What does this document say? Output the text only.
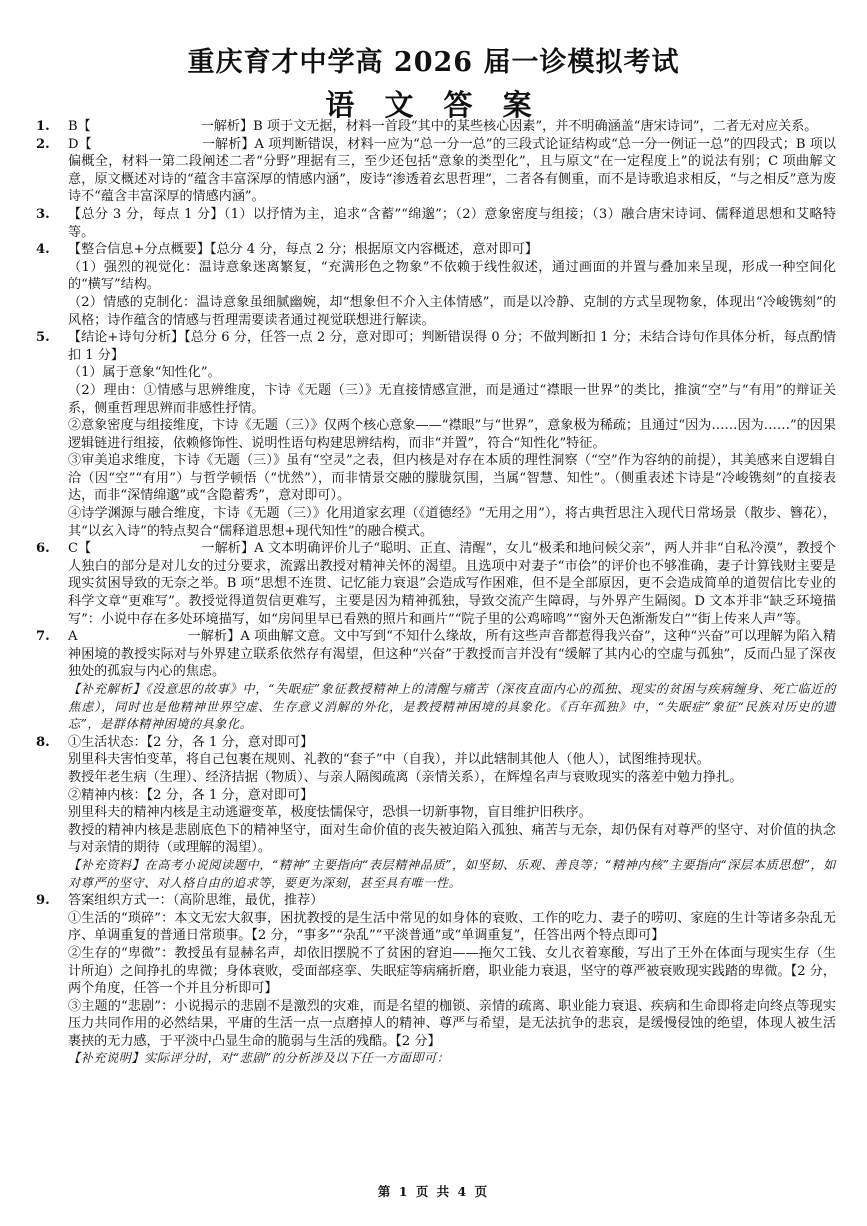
重庆育才中学高 2026 届一诊模拟考试
语 文 答 案
1. B【	一解析】B 项于文无据，材料一首段“其中的某些核心因素”，并不明确涵盖“唐宋诗词”，二者无对应关系。

2. D【	一解析】A 项判断错误，材料一应为“总一分一总”的三段式论证结构或“总一分一例证一总”的四段式；B 项以偏概全，材料一第二段阐述二者“分野”理据有三，至少还包括“意象的类型化”，且与原文“在一定程度上”的说法有别；C 项曲解文意，原文概述对诗的“蕴含丰富深厚的情感内涵”，废诗“渗透着玄思哲理”，二者各有侧重，而不是诗歌追求相反，“与之相反”意为废诗不“蕴含丰富深厚的情感内涵”。

3. 【总分 3 分，每点 1 分】（1）以抒情为主，追求“含蓄”“绵邈”；（2）意象密度与组接；（3）融合唐宋诗词、儒释道思想和艾略特等。

4. 【整合信息+分点概要】【总分 4 分，每点 2 分；根据原文内容概述，意对即可】

（1）强烈的视觉化：温诗意象迷离繁复，“充满形色之物象”不依赖于线性叙述，通过画面的并置与叠加来呈现，形成一种空间化的“横写”结构。

（2）情感的克制化：温诗意象虽细腻幽婉，却“想象但不介入主体情感”，而是以冷静、克制的方式呈现物象，体现出“冷峻镌刻”的风格；诗作蕴含的情感与哲理需要读者通过视觉联想进行解读。

5. 【结论+诗句分析】【总分 6 分，任答一点 2 分，意对即可；判断错误得 0 分；不做判断扣 1 分；未结合诗句作具体分析，每点酌情扣 1 分】

（1）属于意象“知性化”。

（2）理由：①情感与思辨维度，卞诗《无题（三）》无直接情感宣泄，而是通过“襟眼一世界”的类比，推演“空”与“有用”的辩证关系，侧重哲理思辨而非感性抒情。

②意象密度与组接维度，卞诗《无题（三）》仅两个核心意象——“襟眼”与“世界”，意象极为稀疏；且通过“因为……因为……”的因果逻辑链进行组接，依赖修饰性、说明性语句构建思辨结构，而非“并置”，符合“知性化”特征。

③审美追求维度，卞诗《无题（三）》虽有“空灵”之表，但内核是对存在本质的理性洞察（“空”作为容纳的前提），其美感来自逻辑自洽（因“空”“有用”）与哲学顿悟（“忧然”），而非情景交融的朦胧氛围，当属“智慧、知性”。（侧重表述卞诗是“冷峻镌刻”的直接表达，而非“深情绵邈”或“含隐蓄秀”，意对即可）。

④诗学渊源与融合维度，卞诗《无题（三）》化用道家玄理（《道德经》“无用之用”），将古典哲思注入现代日常场景（散步、簪花），其“以玄入诗”的特点契合“儒释道思想+现代知性”的融合模式。

6. C【	一解析】A 文本明确评价儿子“聪明、正直、清醒”，女儿“极柔和地问候父亲”，两人并非“自私冷漠”，教授个人独白的部分是对儿女的过分要求，流露出教授对精神关怀的渴望。且选项中对妻子“市侩”的评价也不够准确，妻子计算钱财主要是现实贫困导致的无奈之举。B 项“思想不连贯、记忆能力衰退”会造成写作困难，但不是全部原因，更不会造成简单的道贺信比专业的科学文章“更难写”。教授觉得道贺信更难写，主要是因为精神孤独，导致交流产生障碍，与外界产生隔阂。D 文本并非“缺乏环境描写”：小说中存在多处环境描写，如“房间里早已看熟的照片和画片”“院子里的公鸡啼鸣”“窗外天色渐渐发白”“街上传来人声”等。

7. A	一解析】A 项曲解文意。文中写到“不知什么缘故，所有这些声音都惹得我兴奋”，这种“兴奋”可以理解为陷入精神困境的教授实际对与外界建立联系依然存有渴望，但这种“兴奋”于教授而言并没有“缓解了其内心的空虚与孤独”，反而凸显了深夜独处的孤寂与内心的焦虑。

【补充解析】《没意思的故事》中，“失眠症”象征教授精神上的清醒与痛苦（深夜直面内心的孤独、现实的贫困与疾病缠身、死亡临近的焦虑），同时也是他精神世界空虚、生存意义消解的外化，是教授精神困境的具象化。《百年孤独》中，“失眠症”象征“民族对历史的遗忘”，是群体精神困境的具象化。

8. ①生活状态：【2 分，各 1 分，意对即可】

别里科夫害怕变革，将自己包裹在规则、礼教的“套子”中（自我），并以此辖制其他人（他人），试图维持现状。

教授年老生病（生理）、经济拮据（物质）、与亲人隔阂疏离（亲情关系），在辉煌名声与衰败现实的落差中勉力挣扎。

②精神内核：【2 分，各 1 分，意对即可】

别里科夫的精神内核是主动逃避变革，极度怯懦保守，恐惧一切新事物，盲目维护旧秩序。

教授的精神内核是悲剧底色下的精神坚守，面对生命价值的丧失被迫陷入孤独、痛苦与无奈，却仍保有对尊严的坚守、对价值的执念与对亲情的期待（或理解的渴望）。

【补充资料】在高考小说阅读题中，“精神”主要指向“表层精神品质”，如坚韧、乐观、善良等；“精神内核”主要指向“深层本质思想”，如对尊严的坚守、对人格自由的追求等，要更为深刻，甚至具有唯一性。

9. 答案组织方式一：（高阶思维，最优，推荐）

①生活的“琐碎”：本文无宏大叙事，困扰教授的是生活中常见的如身体的衰败、工作的吃力、妻子的唠叨、家庭的生计等诸多杂乱无序、单调重复的普通日常琐事。【2 分，“事多”“杂乱”“平淡普通”或“单调重复”，任答出两个特点即可】

②生存的“卑微”：教授虽有显赫名声，却依旧摆脱不了贫困的窘迫——拖欠工钱、女儿衣着寒酸，写出了王外在体面与现实生存（生计所迫）之间挣扎的卑微；身体衰败，受面部痉挛、失眠症等病痛折磨，职业能力衰退，坚守的尊严被衰败现实践踏的卑微。【2 分，两个角度，任答一个并且分析即可】

③主题的“悲剧”：小说揭示的悲剧不是激烈的灾难，而是名望的枷锁、亲情的疏离、职业能力衰退、疾病和生命即将走向终点等现实压力共同作用的必然结果，平庸的生活一点一点磨掉人的精神、尊严与希望，是无法抗争的悲哀，是缓慢侵蚀的绝望，体现人被生活裹挟的无力感，于平淡中凸显生命的脆弱与生活的残酷。【2 分】

【补充说明】实际评分时，对“悲剧”的分析涉及以下任一方面即可：

第 1 页 共 4 页
